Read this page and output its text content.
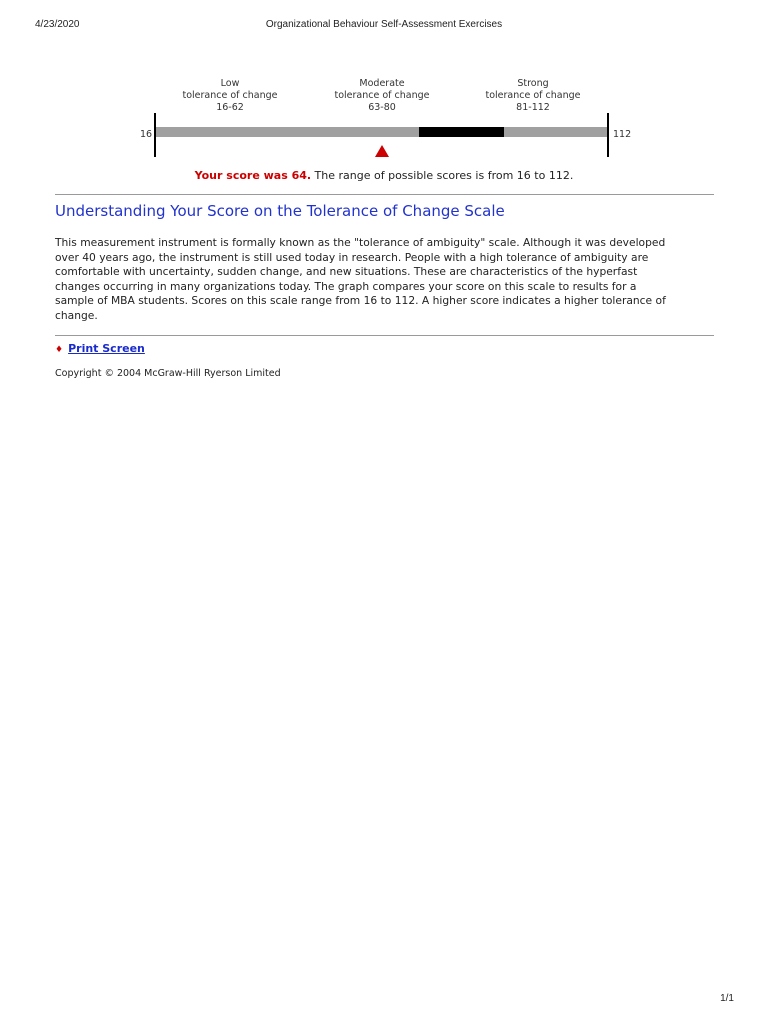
4/23/2020	Organizational Behaviour Self-Assessment Exercises
Low
tolerance of change
16-62
Moderate
tolerance of change
63-80
Strong
tolerance of change
81-112
16	112
Your score was 64. The range of possible scores is from 16 to 112.
Understanding Your Score on the Tolerance of Change Scale
This measurement instrument is formally known as the "tolerance of ambiguity" scale. Although it was developed
over 40 years ago, the instrument is still used today in research. People with a high tolerance of ambiguity are
comfortable with uncertainty, sudden change, and new situations. These are characteristics of the hyperfast
changes occurring in many organizations today. The graph compares your score on this scale to results for a
sample of MBA students. Scores on this scale range from 16 to 112. A higher score indicates a higher tolerance of
change.
♦ Print Screen
Copyright © 2004 McGraw-Hill Ryerson Limited
1/1
